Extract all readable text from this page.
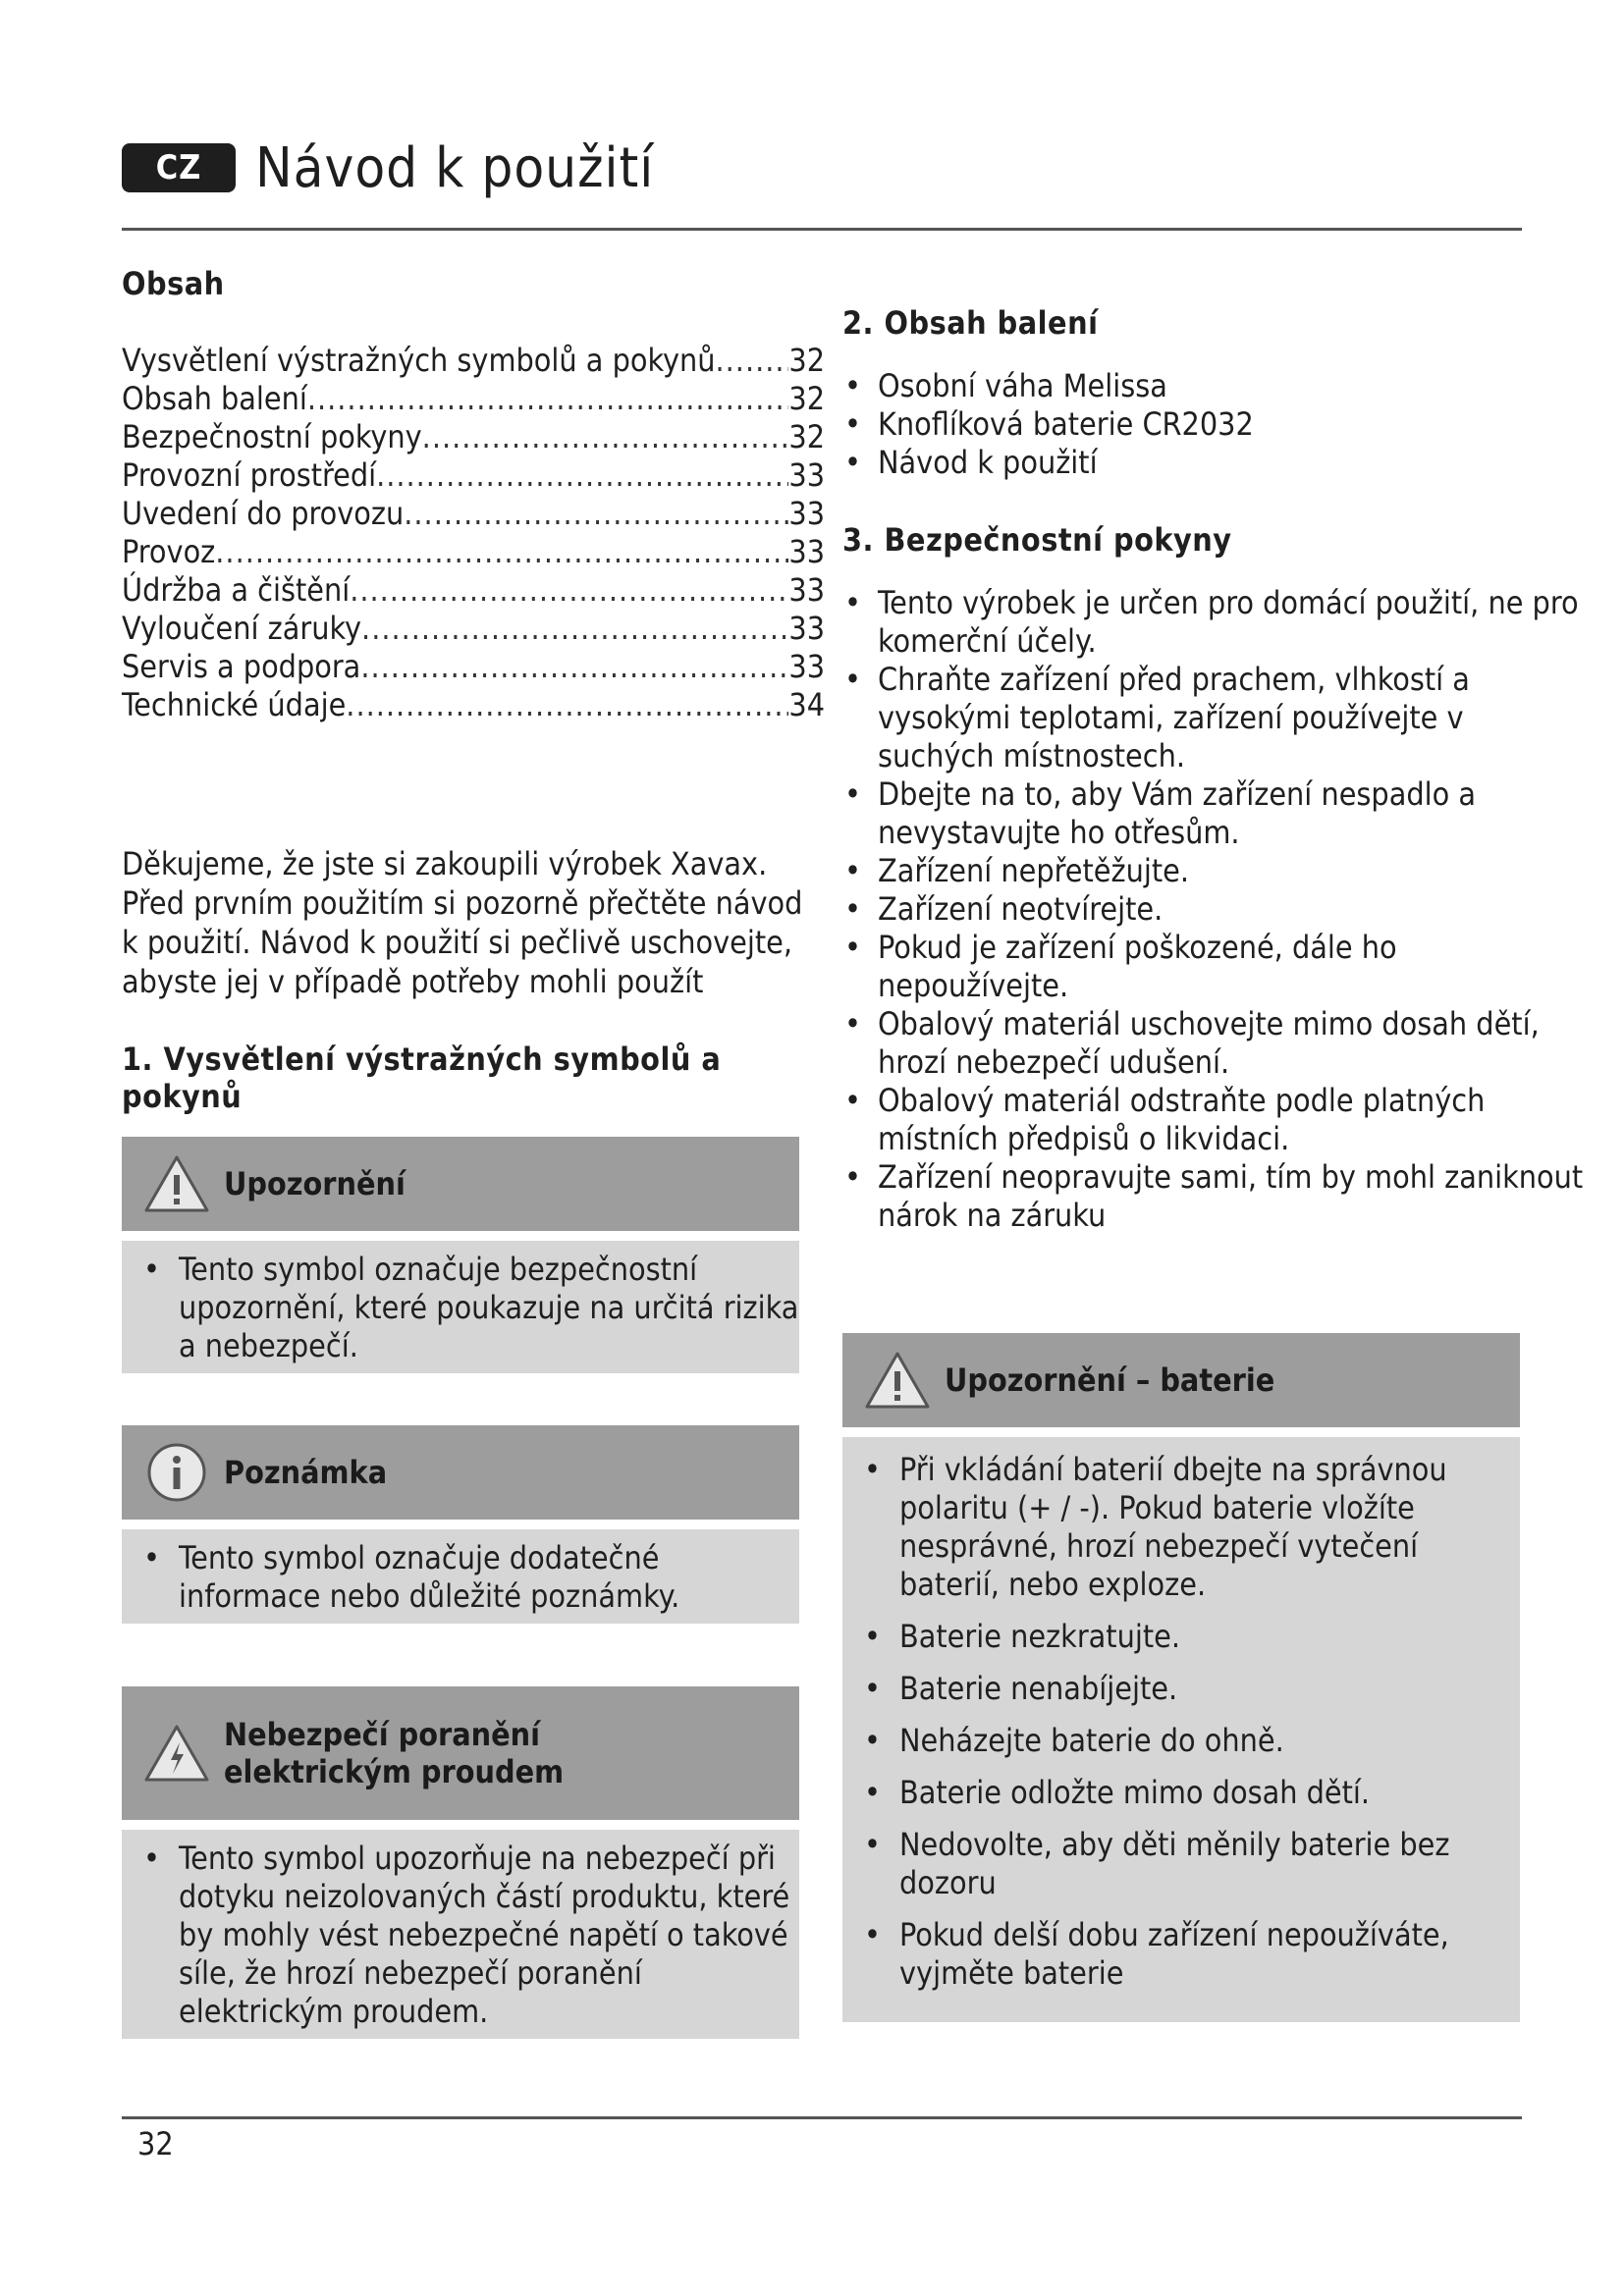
CZ Návod k použití
Obsah
Vysvětlení výstražných symbolů a pokynů ..... 32
Obsah balení .....	32
Bezpečnostní pokyny .....	32
Provozní prostředí .....	33
Uvedení do provozu .....	33
Provoz .....	33
Údržba a čištění .....	33
Vyloučení záruky .....	33
Servis a podpora .....	33
Technické údaje .....	34
Děkujeme, že jste si zakoupili výrobek Xavax. Před prvním použitím si pozorně přečtěte návod k použití. Návod k použití si pečlivě uschovejte, abyste jej v případě potřeby mohli použít
1. Vysvětlení výstražných symbolů a pokynů
Upozornění
• Tento symbol označuje bezpečnostní upozornění, které poukazuje na určitá rizika a nebezpečí.
Poznámka
• Tento symbol označuje dodatečné informace nebo důležité poznámky.
Nebezpečí poranění elektrickým proudem
• Tento symbol upozorňuje na nebezpečí při dotyku neizolovaných částí produktu, které by mohly vést nebezpečné napětí o takové síle, že hrozí nebezpečí poranění elektrickým proudem.
2. Obsah balení
• Osobní váha Melissa
• Knoflíková baterie CR2032
• Návod k použití
3. Bezpečnostní pokyny
• Tento výrobek je určen pro domácí použití, ne pro komerční účely.
• Chraňte zařízení před prachem, vlhkostí a vysokými teplotami, zařízení používejte v suchých místnostech.
• Dbejte na to, aby Vám zařízení nespadlo a nevystavujte ho otřesům.
• Zařízení nepřetěžujte.
• Zařízení neotvírejte.
• Pokud je zařízení poškozené, dále ho nepoužívejte.
• Obalový materiál uschovejte mimo dosah dětí, hrozí nebezpečí udušení.
• Obalový materiál odstraňte podle platných místních předpisů o likvidaci.
• Zařízení neopravujte sami, tím by mohl zaniknout nárok na záruku
Upozornění – baterie
• Při vkládání baterií dbejte na správnou polaritu (+ / -). Pokud baterie vložíte nesprávné, hrozí nebezpečí vytečení baterií, nebo exploze.
• Baterie nezkratujte.
• Baterie nenabíjejte.
• Neházejte baterie do ohně.
• Baterie odložte mimo dosah dětí.
• Nedovolte, aby děti měnily baterie bez dozoru
• Pokud delší dobu zařízení nepoužíváte, vyjměte baterie
32
